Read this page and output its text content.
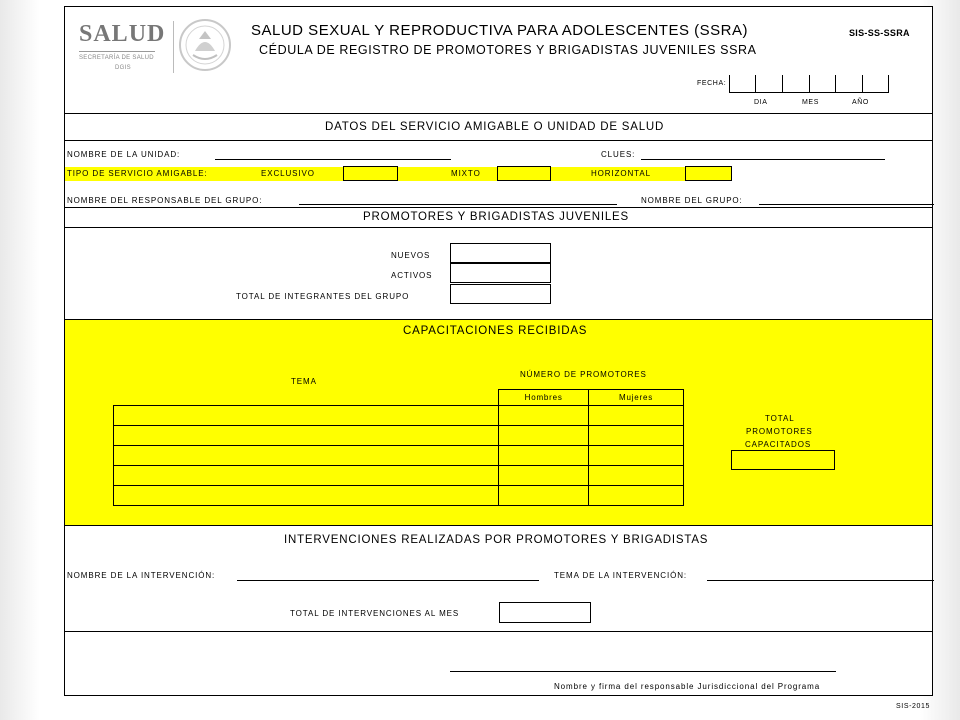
SALUD
SECRETARÍA DE SALUD
DGIS
SALUD SEXUAL Y REPRODUCTIVA PARA ADOLESCENTES (SSRA)
CÉDULA DE REGISTRO DE PROMOTORES Y BRIGADISTAS JUVENILES SSRA
SIS-SS-SSRA
FECHA:
DIA	MES	AÑO
DATOS DEL SERVICIO AMIGABLE O UNIDAD DE SALUD
NOMBRE DE LA UNIDAD:	CLUES:
TIPO DE SERVICIO AMIGABLE:	EXCLUSIVO	MIXTO	HORIZONTAL
NOMBRE DEL RESPONSABLE DEL GRUPO:	NOMBRE DEL GRUPO:
PROMOTORES Y BRIGADISTAS JUVENILES
NUEVOS
ACTIVOS
TOTAL DE INTEGRANTES DEL GRUPO
CAPACITACIONES RECIBIDAS
TEMA
NÚMERO DE PROMOTORES
	Hombres	Mujeres

TOTAL
PROMOTORES
CAPACITADOS
INTERVENCIONES REALIZADAS POR PROMOTORES Y BRIGADISTAS
NOMBRE DE LA INTERVENCIÓN:	TEMA DE LA INTERVENCIÓN:
TOTAL DE INTERVENCIONES AL MES
Nombre y firma del responsable Jurisdiccional del Programa
SIS-2015
